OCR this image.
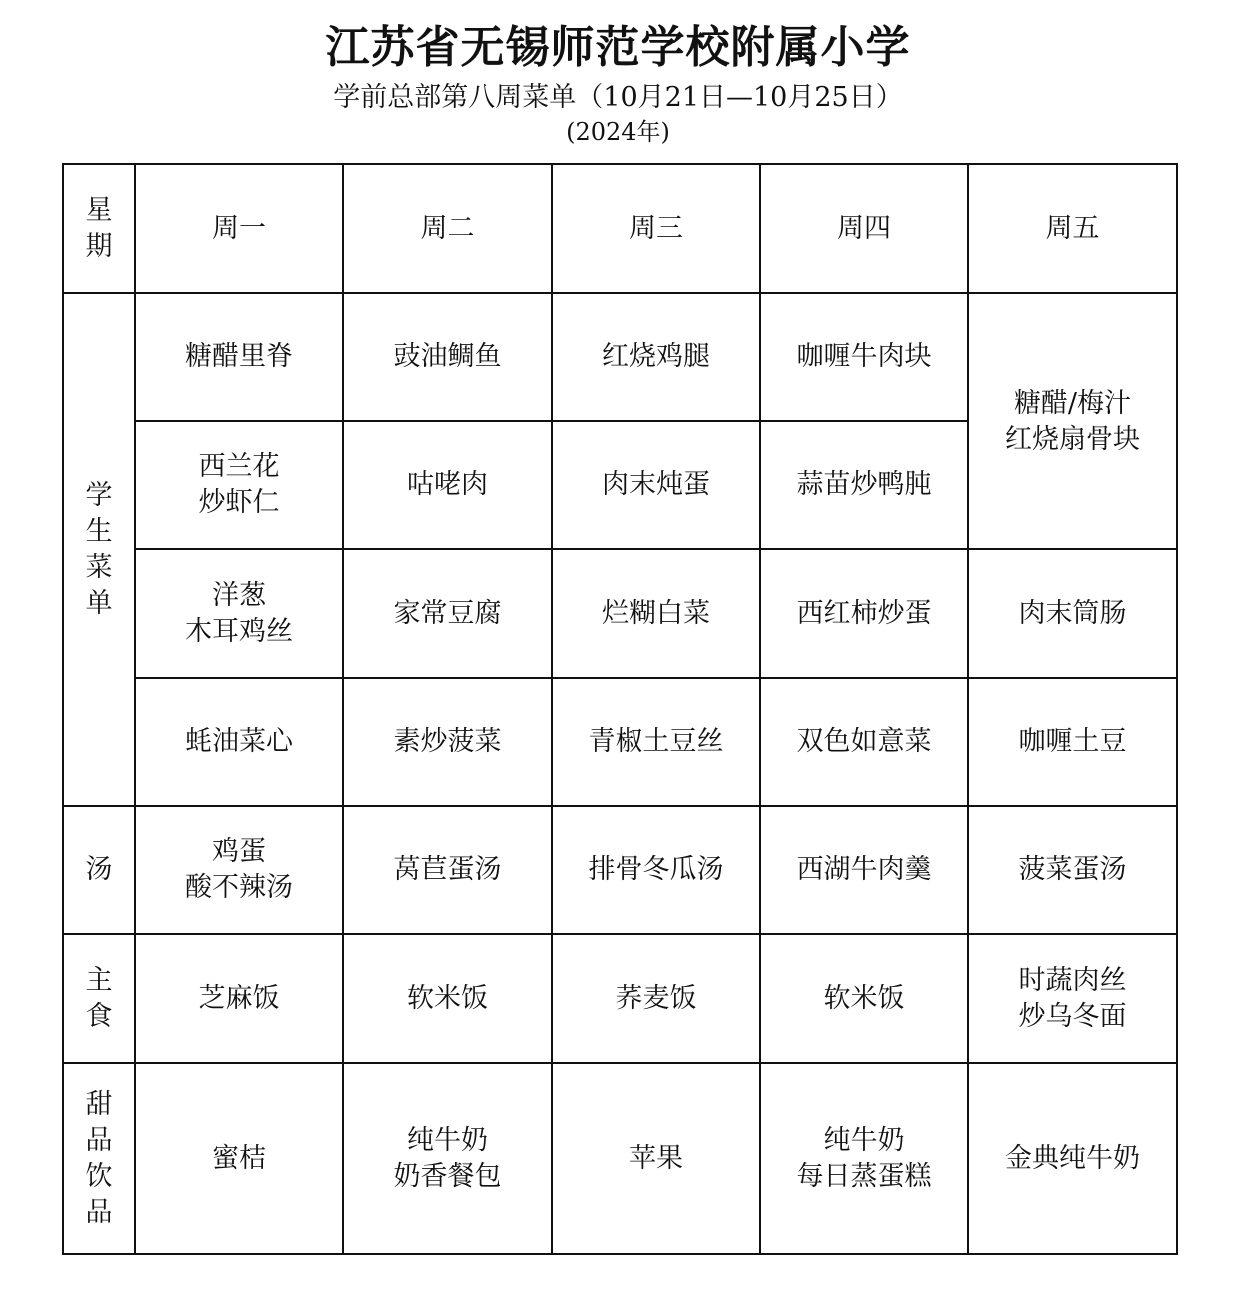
江苏省无锡师范学校附属小学
学前总部第八周菜单（10月21日—10月25日）
(2024年)
星期	周一	周二	周三	周四	周五
学生菜单	糖醋里脊	豉油鲷鱼	红烧鸡腿	咖喱牛肉块	糖醋/梅汁
红烧扇骨块

	西兰花
炒虾仁	咕咾肉	肉末炖蛋	蒜苗炒鸭肫	

	洋葱
木耳鸡丝	家常豆腐	烂糊白菜	西红柿炒蛋	肉末筒肠
	蚝油菜心	素炒菠菜	青椒土豆丝	双色如意菜	咖喱土豆
汤	鸡蛋
酸不辣汤	莴苣蛋汤	排骨冬瓜汤	西湖牛肉羹	菠菜蛋汤
主食	芝麻饭	软米饭	荞麦饭	软米饭	时蔬肉丝
炒乌冬面

甜品饮品	蜜桔	纯牛奶
奶香餐包	苹果	纯牛奶
每日蒸蛋糕	金典纯牛奶
